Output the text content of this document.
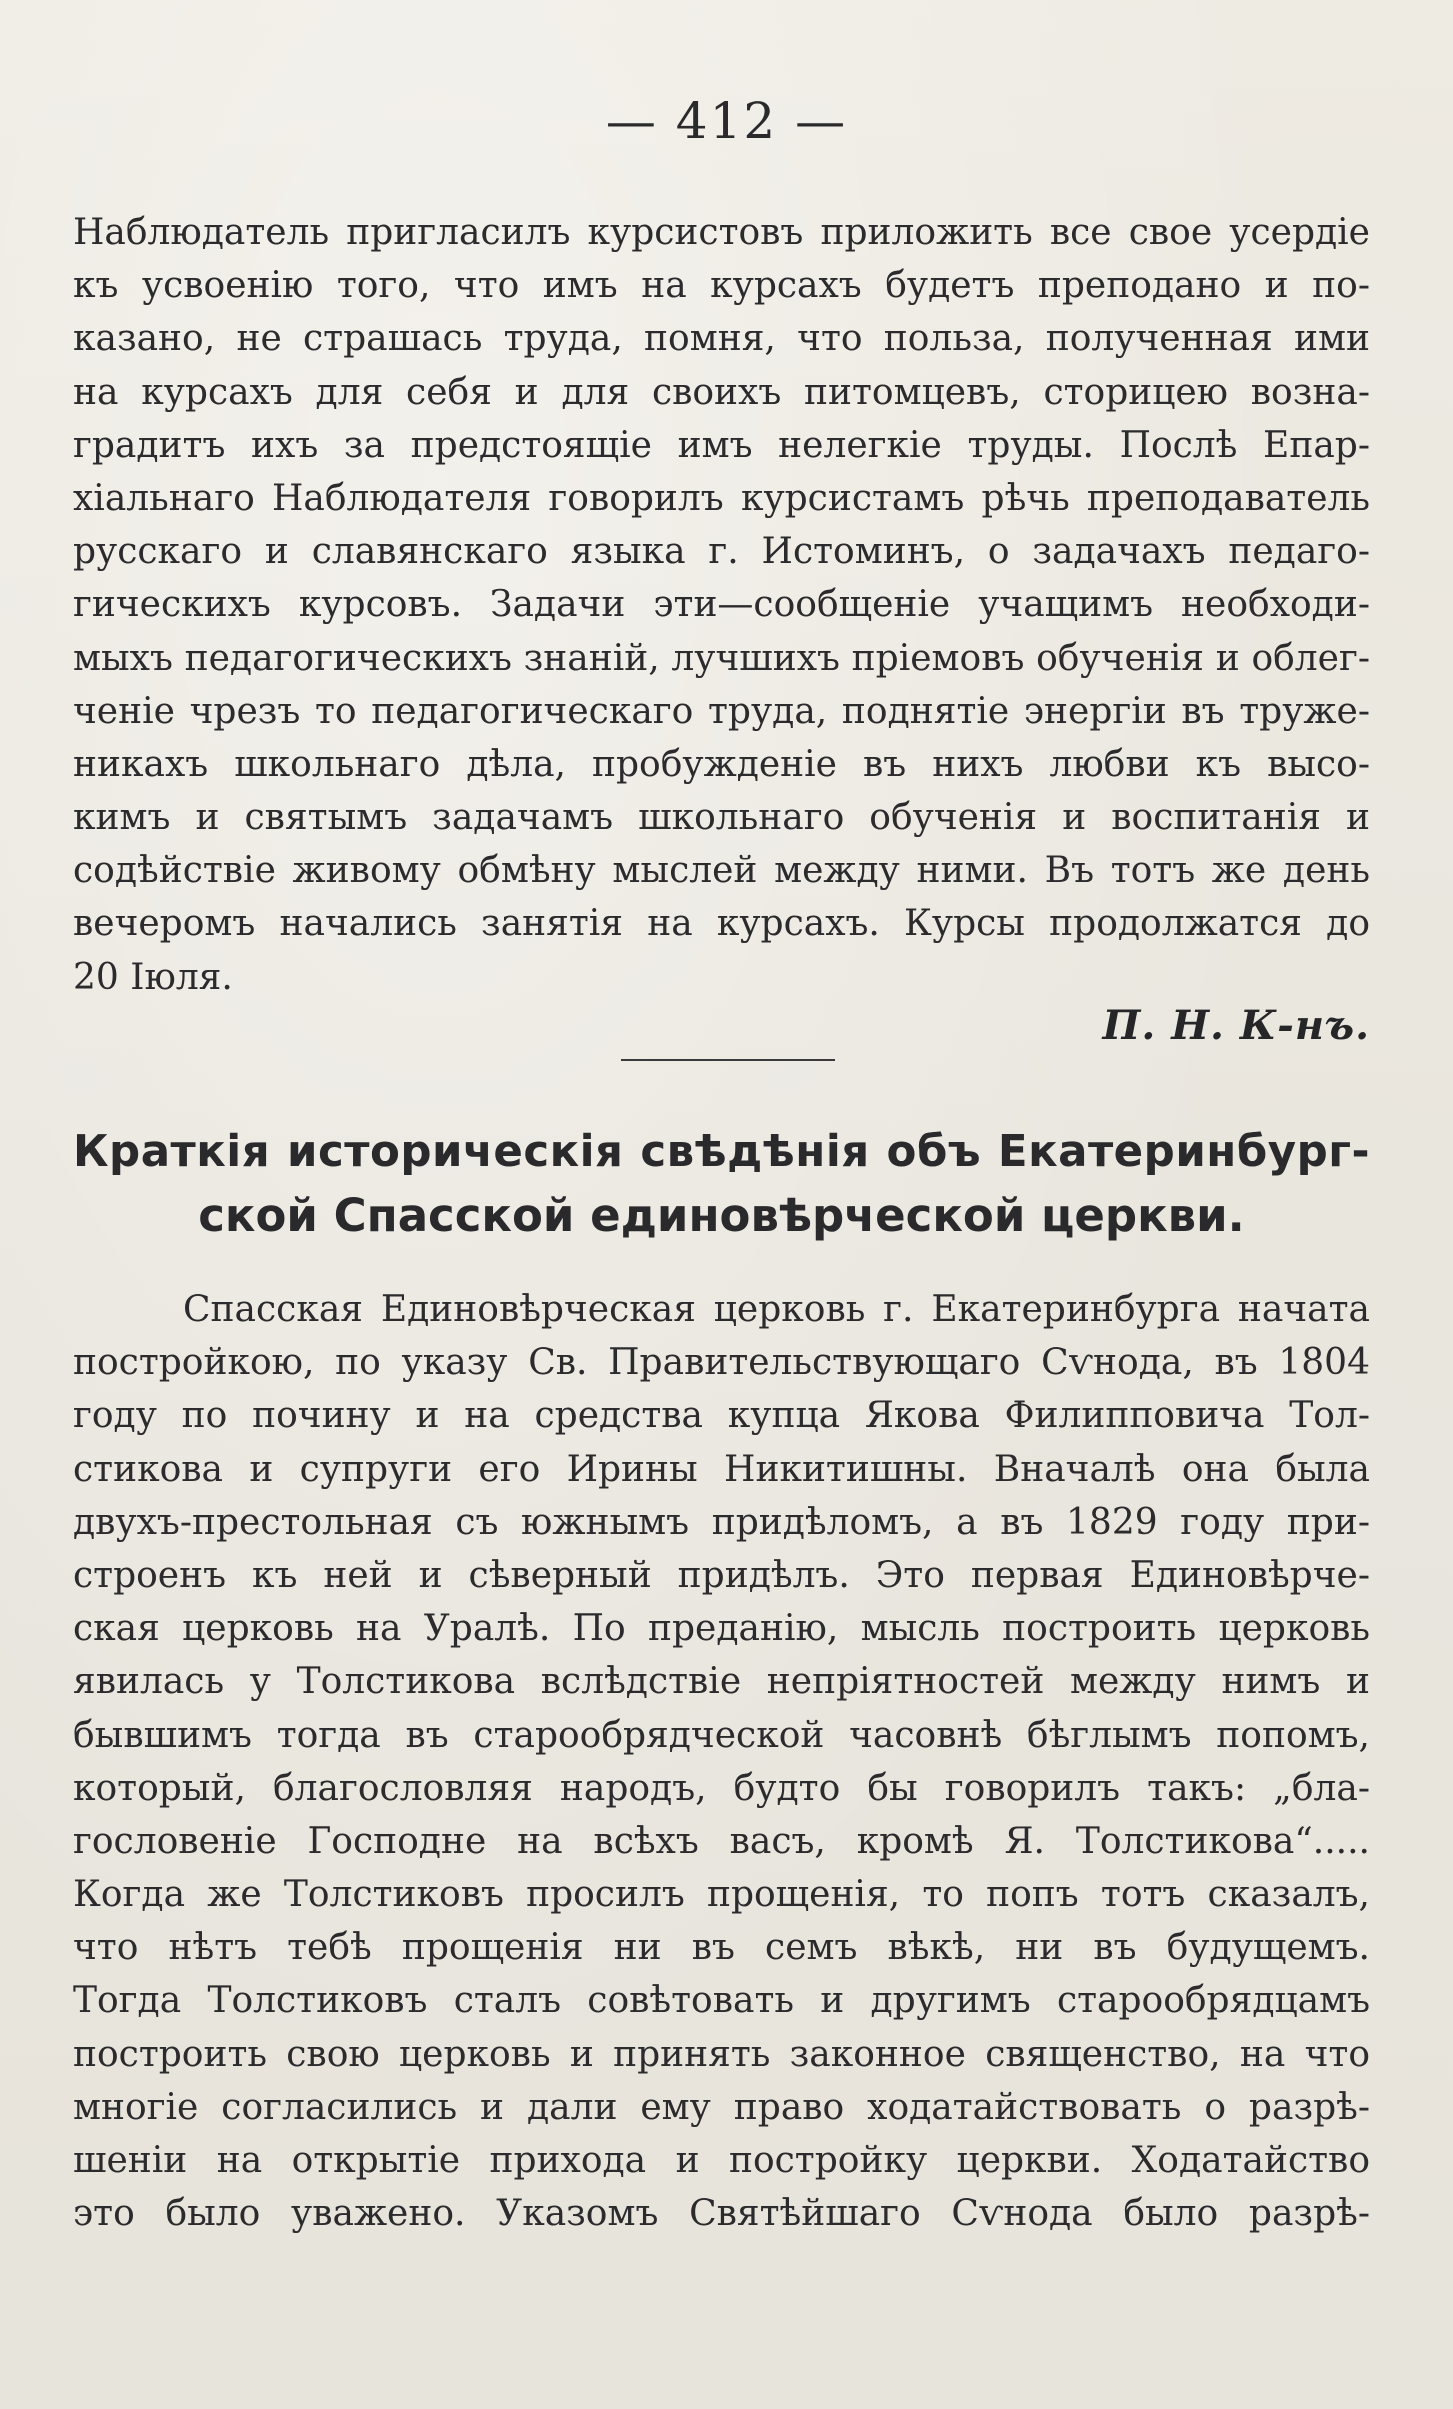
— 412 —
Наблюдатель пригласилъ курсистовъ приложить все свое усердіе
къ усвоенію того, что имъ на курсахъ будетъ преподано и по-
казано, не страшась труда, помня, что польза, полученная ими
на курсахъ для себя и для своихъ питомцевъ, сторицею возна-
градитъ ихъ за предстоящіе имъ нелегкіе труды. Послѣ Епар-
хіальнаго Наблюдателя говорилъ курсистамъ рѣчь преподаватель
русскаго и славянскаго языка г. Истоминъ, о задачахъ педаго-
гическихъ курсовъ. Задачи эти—сообщеніе учащимъ необходи-
мыхъ педагогическихъ знаній, лучшихъ пріемовъ обученія и облег-
ченіе чрезъ то педагогическаго труда, поднятіе энергіи въ труже-
никахъ школьнаго дѣла, пробужденіе въ нихъ любви къ высо-
кимъ и святымъ задачамъ школьнаго обученія и воспитанія и
содѣйствіе живому обмѣну мыслей между ними. Въ тотъ же день
вечеромъ начались занятія на курсахъ. Курсы продолжатся до
20 Іюля.
П. Н. К-нъ.
Краткія историческія свѣдѣнія объ Екатеринбург-
ской Спасской единовѣрческой церкви.
Спасская Единовѣрческая церковь г. Екатеринбурга начата
постройкою, по указу Св. Правительствующаго Сѵнода, въ 1804
году по почину и на средства купца Якова Филипповича Тол-
стикова и супруги его Ирины Никитишны. Вначалѣ она была
двухъ-престольная съ южнымъ придѣломъ, а въ 1829 году при-
строенъ къ ней и сѣверный придѣлъ. Это первая Единовѣрче-
ская церковь на Уралѣ. По преданію, мысль построить церковь
явилась у Толстикова вслѣдствіе непріятностей между нимъ и
бывшимъ тогда въ старообрядческой часовнѣ бѣглымъ попомъ,
который, благословляя народъ, будто бы говорилъ такъ: „бла-
гословеніе Господне на всѣхъ васъ, кромѣ Я. Толстикова“.....
Когда же Толстиковъ просилъ прощенія, то попъ тотъ сказалъ,
что нѣтъ тебѣ прощенія ни въ семъ вѣкѣ, ни въ будущемъ.
Тогда Толстиковъ сталъ совѣтовать и другимъ старообрядцамъ
построить свою церковь и принять законное священство, на что
многіе согласились и дали ему право ходатайствовать о разрѣ-
шеніи на открытіе прихода и постройку церкви. Ходатайство
это было уважено. Указомъ Святѣйшаго Сѵнода было разрѣ-
